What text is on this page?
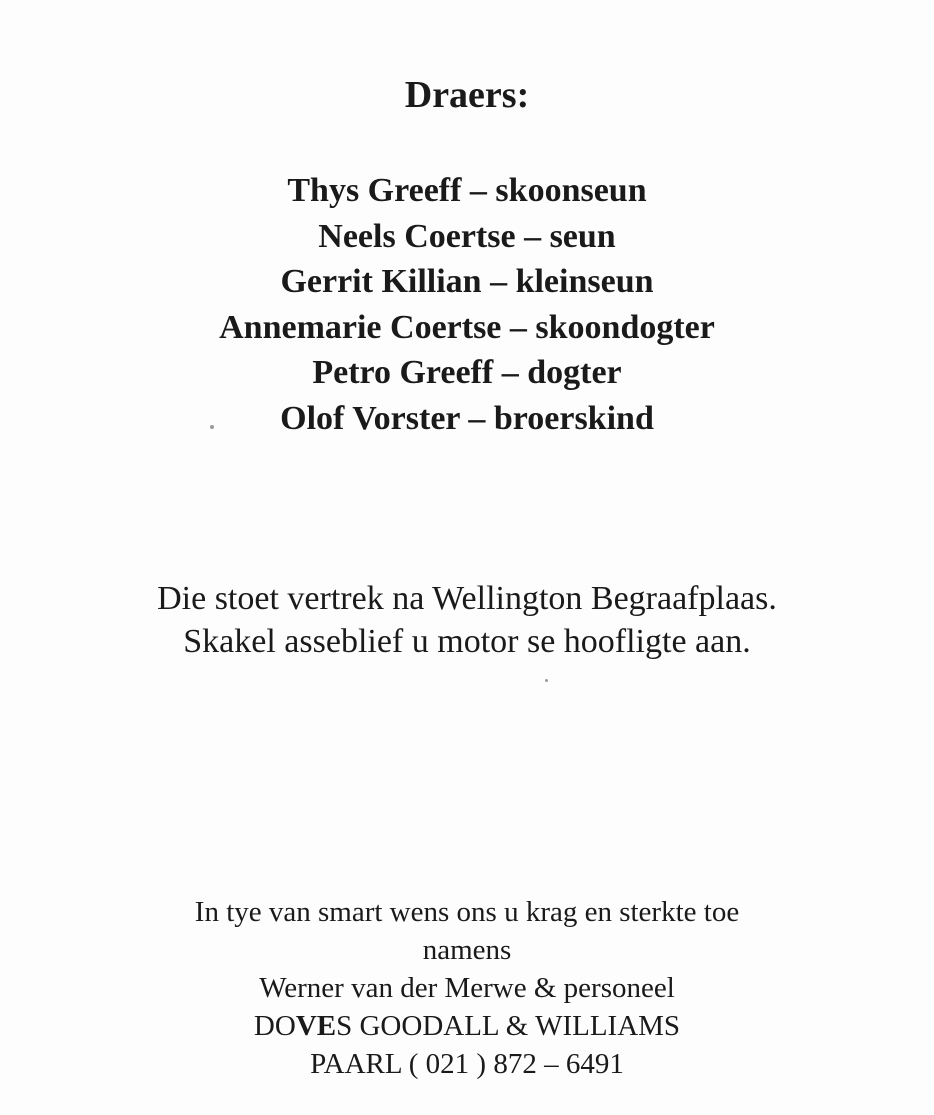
Draers:
Thys Greeff – skoonseun
Neels Coertse – seun
Gerrit Killian – kleinseun
Annemarie Coertse – skoondogter
Petro Greeff – dogter
Olof Vorster – broerskind
Die stoet vertrek na Wellington Begraafplaas.
Skakel asseblief u motor se hoofligte aan.
In tye van smart wens ons u krag en sterkte toe
namens
Werner van der Merwe & personeel
DOVES GOODALL & WILLIAMS
PAARL ( 021 ) 872 – 6491
